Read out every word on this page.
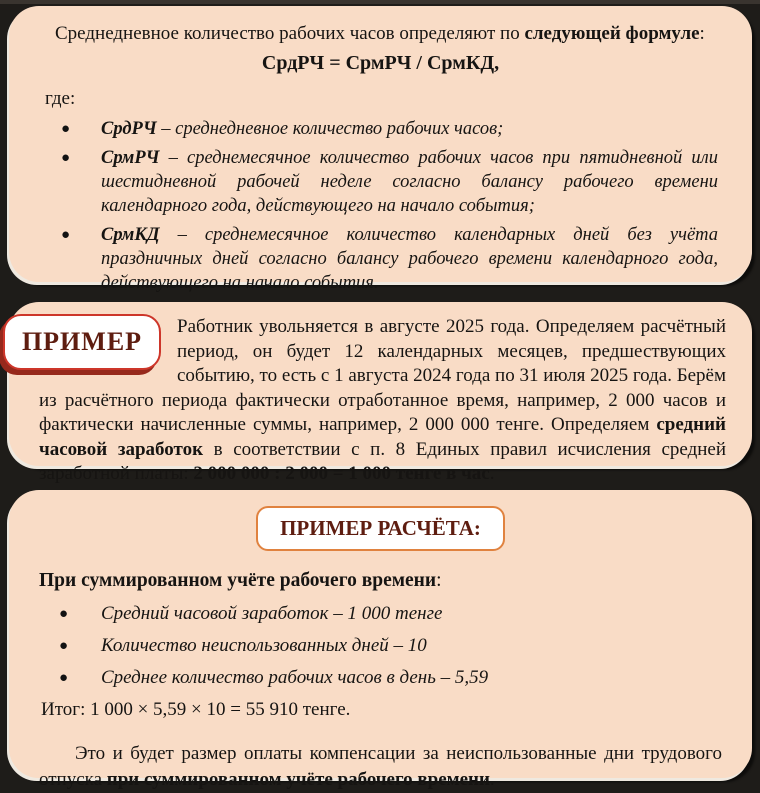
Среднедневное количество рабочих часов определяют по следующей формуле:

СрдРЧ = СрмРЧ / СрмКД,

где:

● СрдРЧ – среднедневное количество рабочих часов;
● СрмРЧ – среднемесячное количество рабочих часов при пятидневной или шестидневной рабочей неделе согласно балансу рабочего времени календарного года, действующего на начало события;
● СрмКД – среднемесячное количество календарных дней без учёта праздничных дней согласно балансу рабочего времени календарного года, действующего на начало события.
ПРИМЕР

Работник увольняется в августе 2025 года. Определяем расчётный период, он будет 12 календарных месяцев, предшествующих событию, то есть с 1 августа 2024 года по 31 июля 2025 года. Берём из расчётного периода фактически отработанное время, например, 2 000 часов и фактически начисленные суммы, например, 2 000 000 тенге. Определяем средний часовой заработок в соответствии с п. 8 Единых правил исчисления средней заработной платы: 2 000 000 : 2 000 = 1 000 тенге в час.

ПРИМЕР РАСЧЁТА:

При суммированном учёте рабочего времени:

● Средний часовой заработок – 1 000 тенге
● Количество неиспользованных дней – 10
● Среднее количество рабочих часов в день – 5,59

Итог: 1 000 × 5,59 × 10 = 55 910 тенге.

Это и будет размер оплаты компенсации за неиспользованные дни трудового отпуска при суммированном учёте рабочего времени.
